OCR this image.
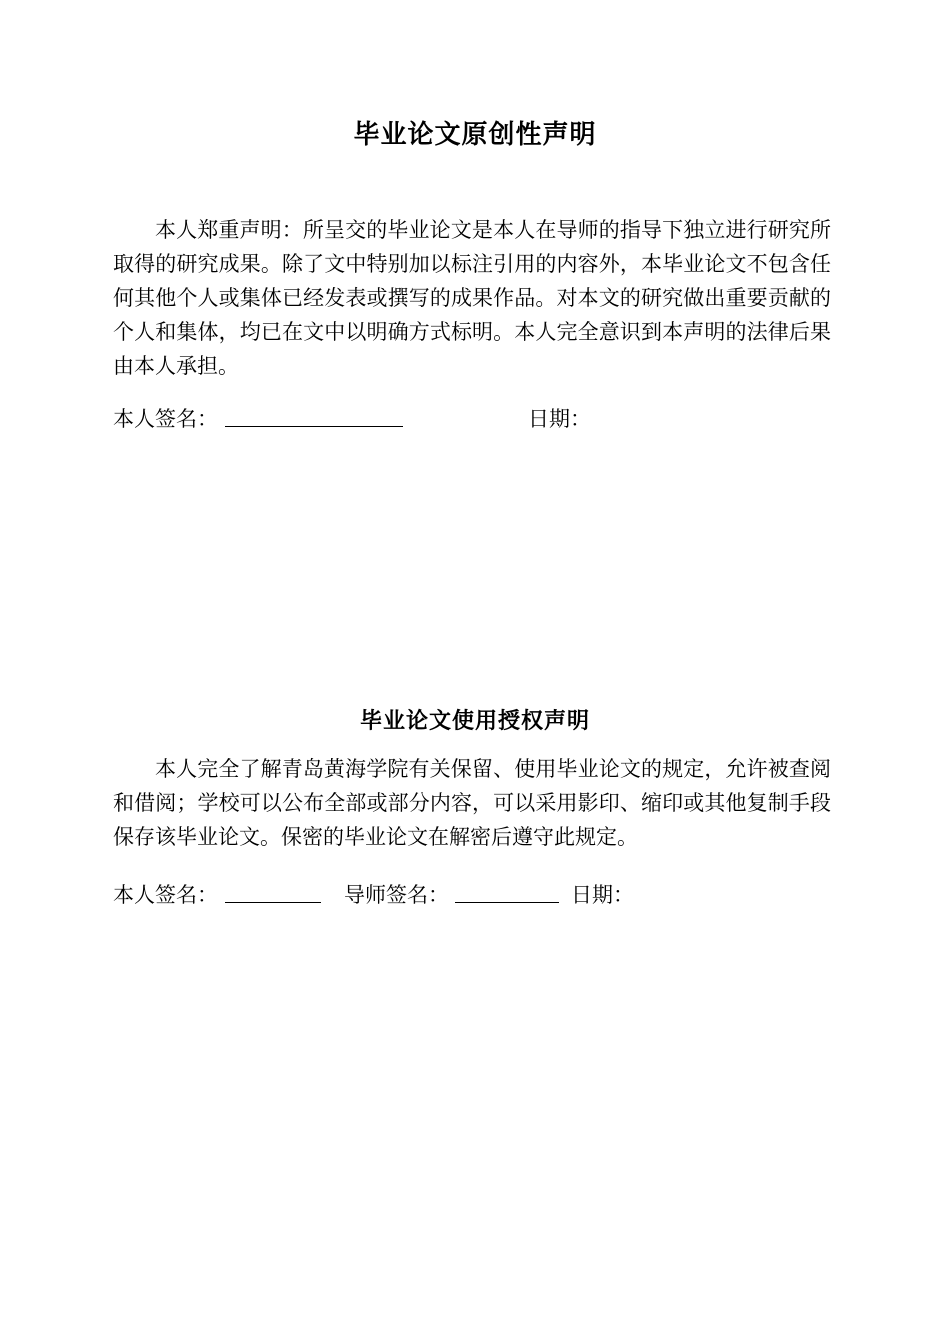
毕业论文原创性声明

本人郑重声明：所呈交的毕业论文是本人在导师的指导下独立进行研究所取得的研究成果。除了文中特别加以标注引用的内容外，本毕业论文不包含任何其他个人或集体已经发表或撰写的成果作品。对本文的研究做出重要贡献的个人和集体，均已在文中以明确方式标明。本人完全意识到本声明的法律后果由本人承担。

本人签名：	日期：
毕业论文使用授权声明

本人完全了解青岛黄海学院有关保留、使用毕业论文的规定，允许被查阅和借阅；学校可以公布全部或部分内容，可以采用影印、缩印或其他复制手段保存该毕业论文。保密的毕业论文在解密后遵守此规定。

本人签名：	导师签名：	日期：
